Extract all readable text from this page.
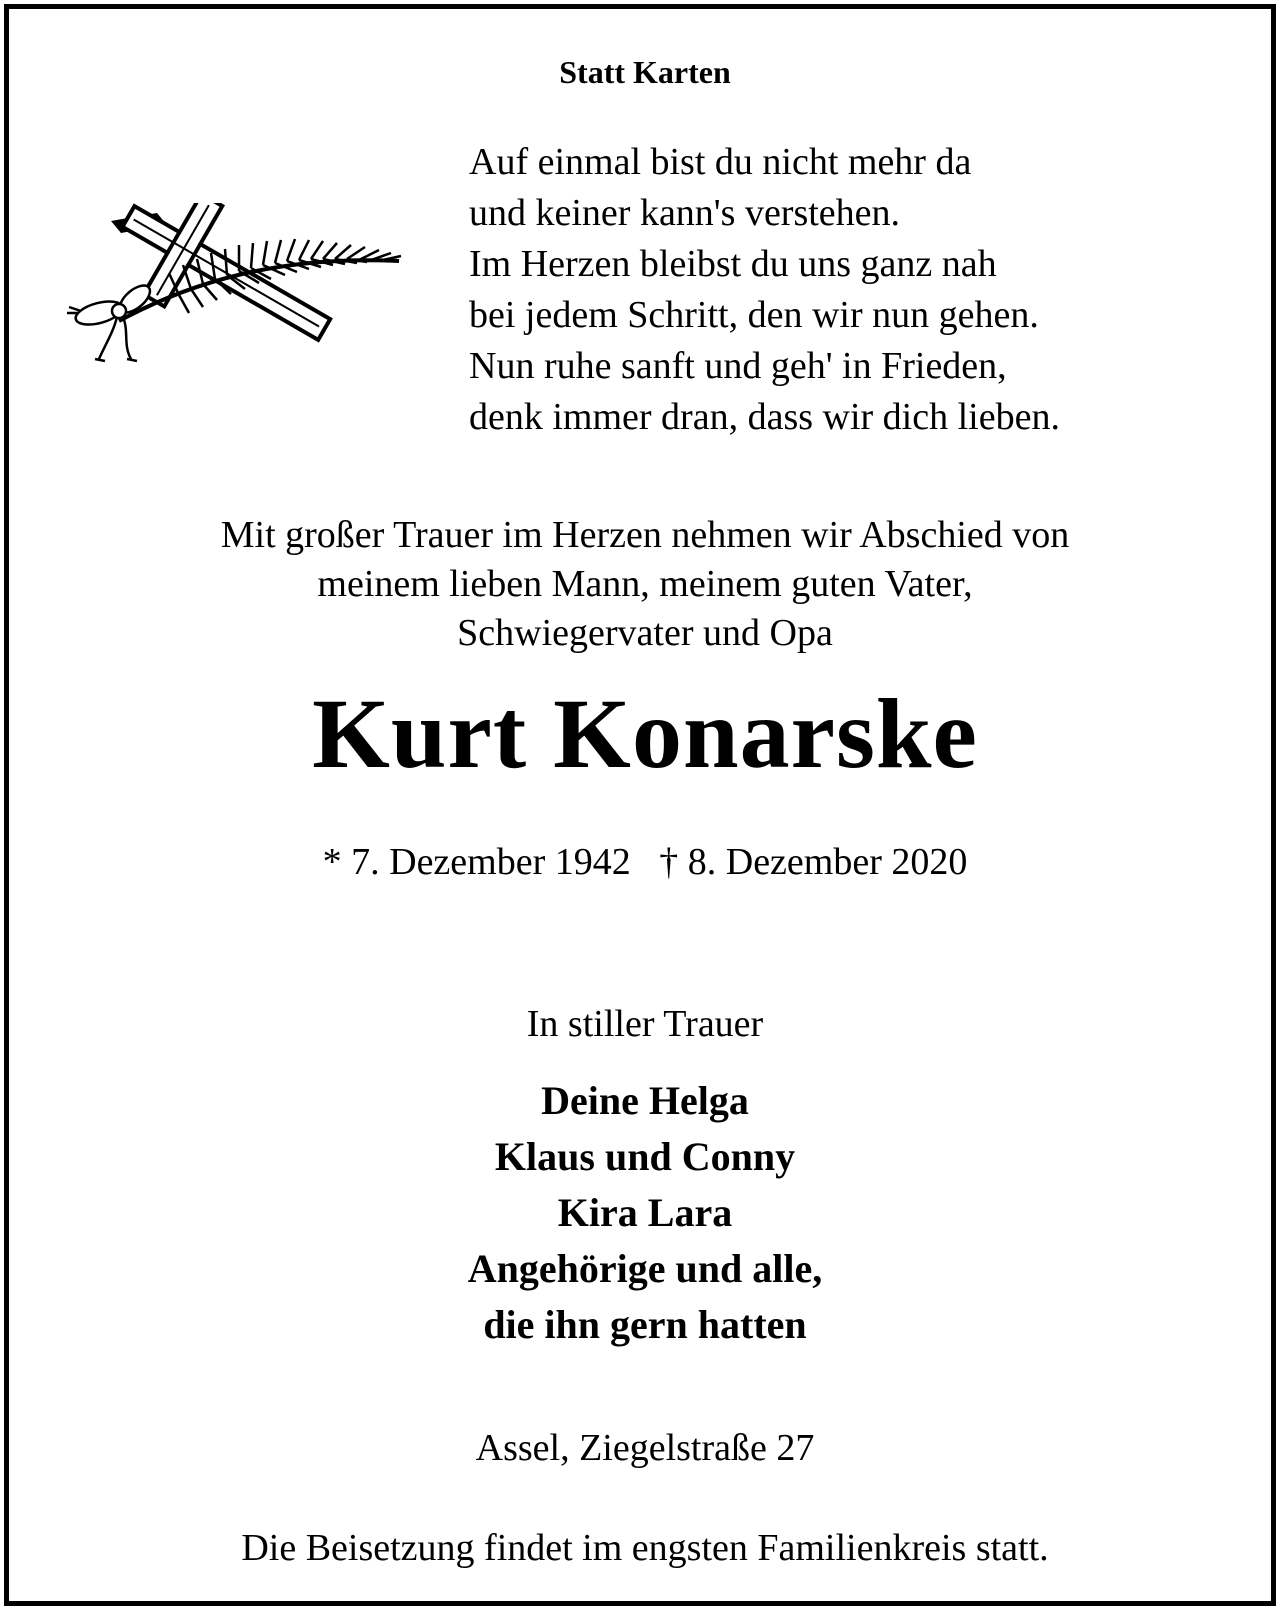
Statt Karten
Auf einmal bist du nicht mehr da
und keiner kann's verstehen.
Im Herzen bleibst du uns ganz nah
bei jedem Schritt, den wir nun gehen.
Nun ruhe sanft und geh' in Frieden,
denk immer dran, dass wir dich lieben.
Mit großer Trauer im Herzen nehmen wir Abschied von
meinem lieben Mann, meinem guten Vater,
Schwiegervater und Opa
Kurt Konarske
* 7. Dezember 1942 † 8. Dezember 2020
In stiller Trauer
Deine Helga
Klaus und Conny
Kira Lara
Angehörige und alle,
die ihn gern hatten
Assel, Ziegelstraße 27
Die Beisetzung findet im engsten Familienkreis statt.
